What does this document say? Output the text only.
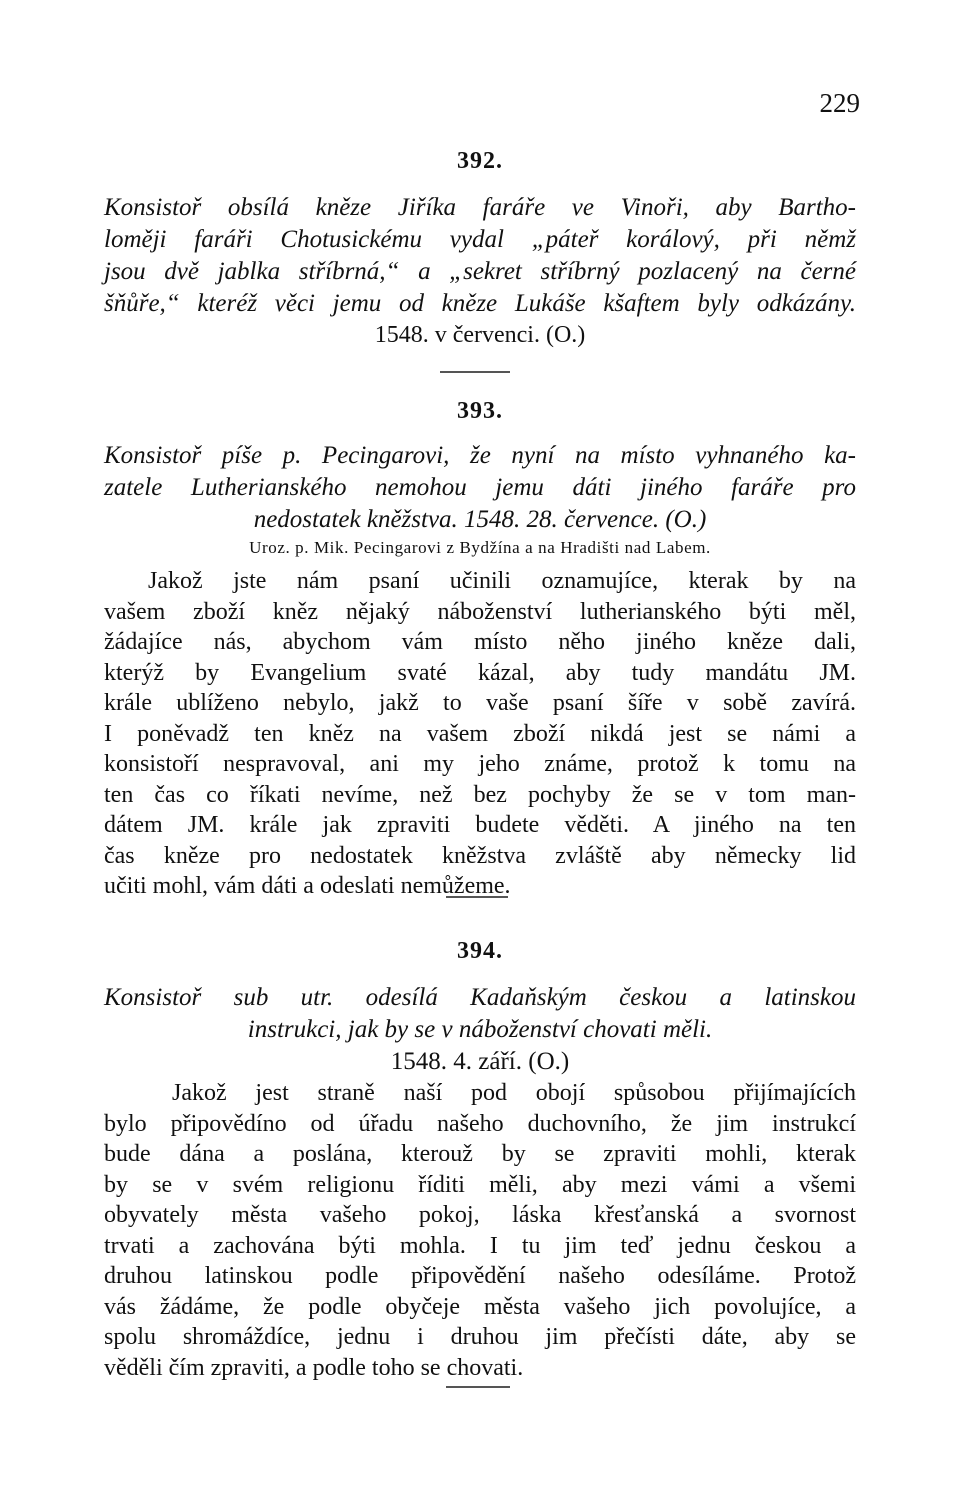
229
392.
Konsistoř obsílá kněze Jiříka faráře ve Vinoři, aby Bartho-
loměji faráři Chotusickému vydal „páteř korálový, při němž
jsou dvě jablka stříbrná,“ a „sekret stříbrný pozlacený na černé
šňůře,“ kteréž věci jemu od kněze Lukáše kšaftem byly odkázány.
1548. v červenci. (O.)
393.
Konsistoř píše p. Pecingarovi, že nyní na místo vyhnaného ka-
zatele Lutherianského nemohou jemu dáti jiného faráře pro
nedostatek kněžstva. 1548. 28. července. (O.)
Uroz. p. Mik. Pecingarovi z Bydžína a na Hradišti nad Labem.
Jakož jste nám psaní učinili oznamujíce, kterak by na
vašem zboží kněz nějaký náboženství lutherianského býti měl,
žádajíce nás, abychom vám místo něho jiného kněze dali,
kterýž by Evangelium svaté kázal, aby tudy mandátu JM.
krále ublíženo nebylo, jakž to vaše psaní šíře v sobě zavírá.
I poněvadž ten kněz na vašem zboží nikdá jest se námi a
konsistoří nespravoval, ani my jeho známe, protož k tomu na
ten čas co říkati nevíme, než bez pochyby že se v tom man-
dátem JM. krále jak zpraviti budete věděti. A jiného na ten
čas kněze pro nedostatek kněžstva zvláště aby německy lid
učiti mohl, vám dáti a odeslati nemůžeme.
394.
Konsistoř sub utr. odesílá Kadaňským českou a latinskou
instrukci, jak by se v náboženství chovati měli.
1548. 4. září. (O.)
Jakož jest straně naší pod obojí spůsobou přijímajících
bylo připovědíno od úřadu našeho duchovního, že jim instrukcí
bude dána a poslána, kterouž by se zpraviti mohli, kterak
by se v svém religionu říditi měli, aby mezi vámi a všemi
obyvately města vašeho pokoj, láska křesťanská a svornost
trvati a zachována býti mohla. I tu jim teď jednu českou a
druhou latinskou podle připovědění našeho odesíláme. Protož
vás žádáme, že podle obyčeje města vašeho jich povolujíce, a
spolu shromáždíce, jednu i druhou jim přečísti dáte, aby se
věděli čím zpraviti, a podle toho se chovati.
